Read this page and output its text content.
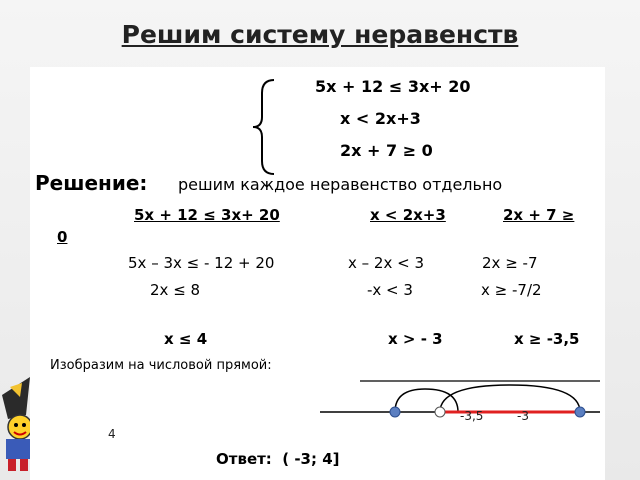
Решим систему неравенств
5x + 12 ≤ 3x+ 20
x < 2x+3
2x + 7 ≥ 0
Решение: решим каждое неравенство отдельно
5x + 12 ≤ 3x+ 20	x < 2x+3	2x + 7 ≥
0
5x – 3x ≤ - 12 + 20	x – 2x < 3	2x ≥ -7
2x ≤ 8	-x < 3	x ≥ -7/2
x ≤ 4	x > - 3	x ≥ -3,5
Изобразим на числовой прямой:
-3,5	-3
4
Ответ:  ( -3; 4]
